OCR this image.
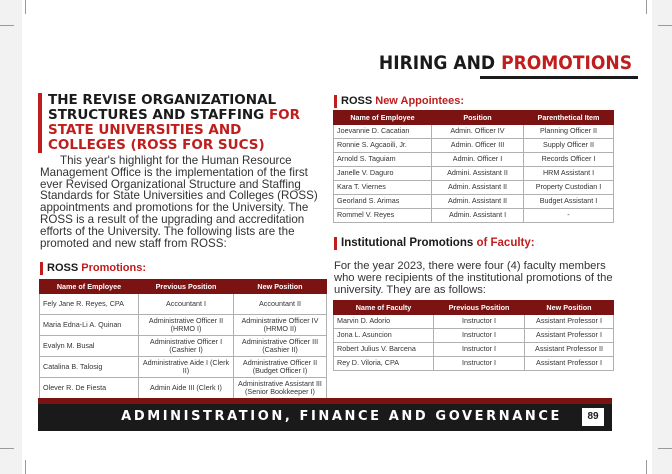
HIRING AND PROMOTIONS
THE REVISE ORGANIZATIONAL STRUCTURES AND STAFFING FOR STATE UNIVERSITIES AND COLLEGES (ROSS FOR SUCS)
This year's highlight for the Human Resource Management Office is the implementation of the first ever Revised Organizational Structure and Staffing Standards for State Universities and Colleges (ROSS) appointments and promotions for the University. The ROSS is a result of the upgrading and accreditation efforts of the University. The following lists are the promoted and new staff from ROSS:
ROSS Promotions:
Name of Employee	Previous Position	New Position
Fely Jane R. Reyes, CPA	Accountant I	Accountant II
Maria Edna-Li A. Quinan	Administrative Officer II (HRMO I)	Administrative Officer IV (HRMO II)
Evalyn M. Busal	Administrative Officer I (Cashier I)	Administrative Officer III (Cashier II)
Catalina B. Talosig	Administrative Aide I (Clerk II)	Administrative Officer II (Budget Officer I)
Olever R. De Fiesta	Admin Aide III (Clerk I)	Administrative Assistant III (Senior Bookkeeper I)
ROSS New Appointees:
Name of Employee	Position	Parenthetical Item
Joevannie D. Cacatian	Admin. Officer IV	Planning Officer II
Ronnie S. Agcaoili, Jr.	Admin. Officer III	Supply Officer II
Arnold S. Taguiam	Admin. Officer I	Records Officer I
Janelle V. Daguro	Admini. Assistant II	HRM Assistant I
Kara T. Viernes	Admin. Assistant II	Property Custodian I
Georland S. Arimas	Admin. Assistant II	Budget Assistant I
Rommel V. Reyes	Admin. Assistant I	-
Institutional Promotions of Faculty:
For the year 2023, there were four (4) faculty members who were recipients of the institutional promotions of the university. They are as follows:
Name of Faculty	Previous Position	New Position
Marvin D. Adorio	Instructor I	Assistant Professor I
Jona L. Asuncion	Instructor I	Assistant Professor I
Robert Julius V. Barcena	Instructor I	Assistant Professor II
Rey D. Viloria, CPA	Instructor I	Assistant Professor I
ADMINISTRATION, FINANCE AND GOVERNANCE	89
